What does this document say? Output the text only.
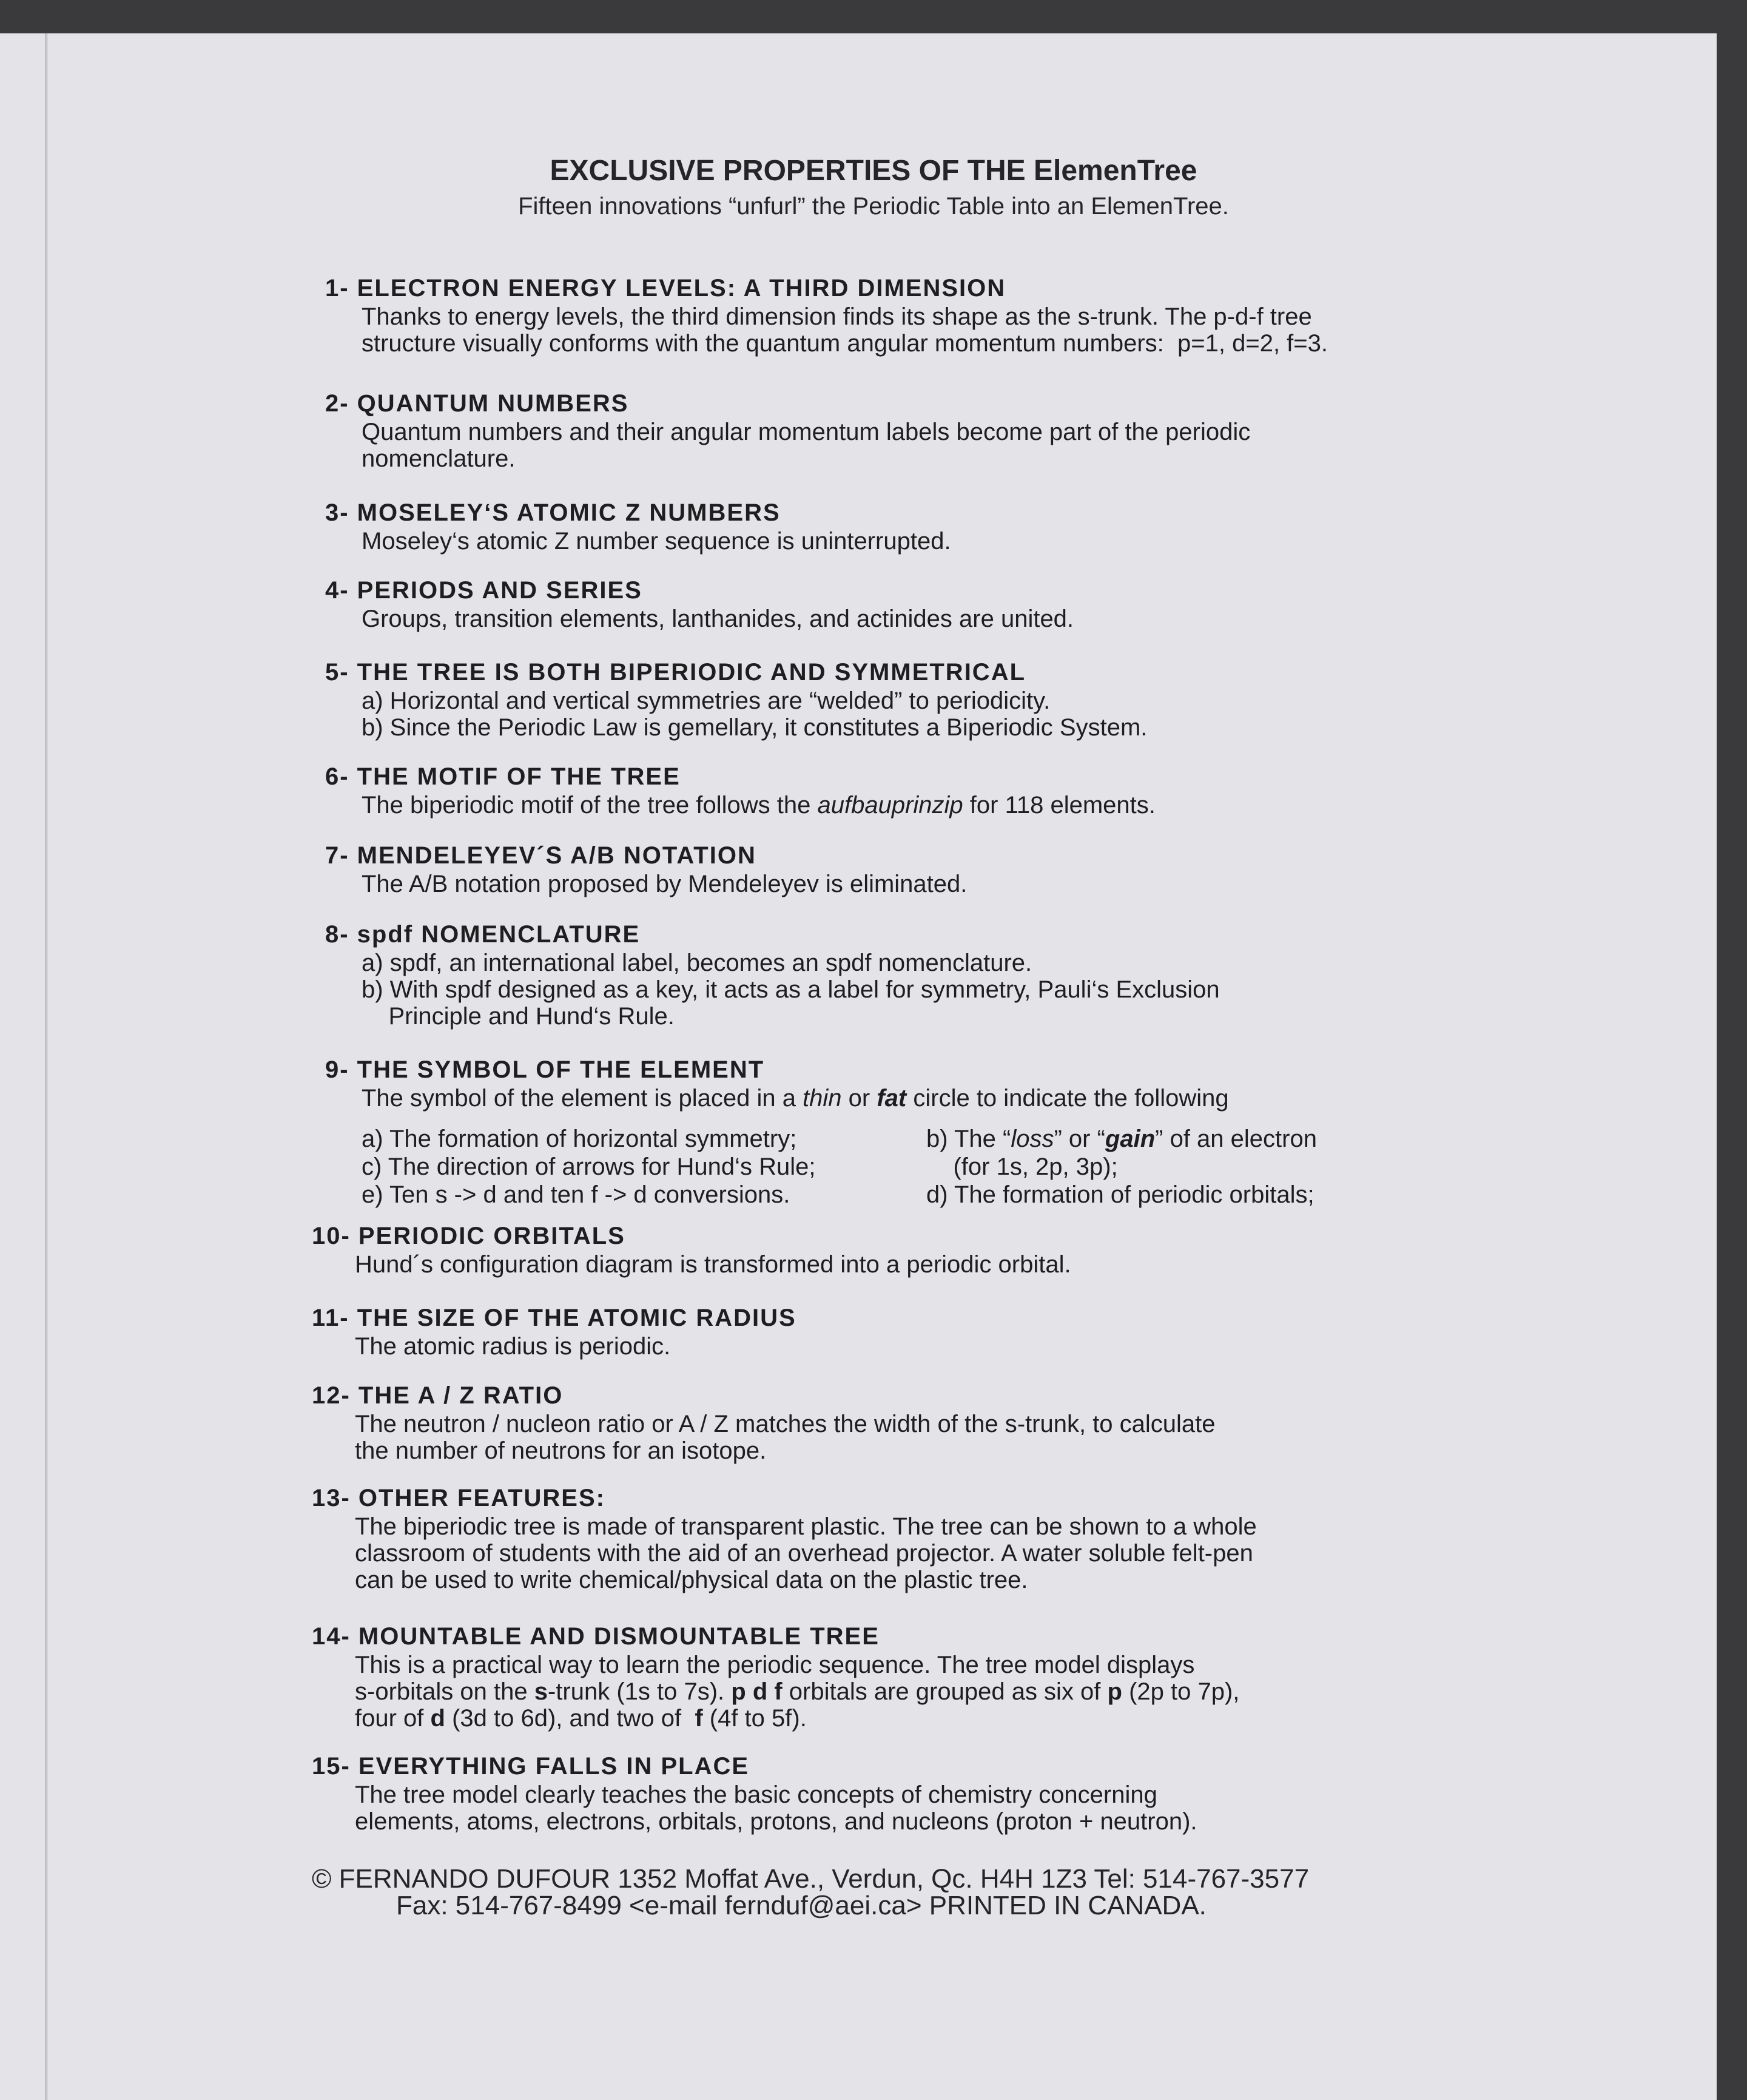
EXCLUSIVE PROPERTIES OF THE ElemenTree
Fifteen innovations “unfurl” the Periodic Table into an ElemenTree.
1- ELECTRON ENERGY LEVELS: A THIRD DIMENSION
Thanks to energy levels, the third dimension finds its shape as the s-trunk. The p-d-f tree
structure visually conforms with the quantum angular momentum numbers:  p=1, d=2, f=3.
2- QUANTUM NUMBERS
Quantum numbers and their angular momentum labels become part of the periodic
nomenclature.
3- MOSELEY‘S ATOMIC Z NUMBERS
Moseley‘s atomic Z number sequence is uninterrupted.
4- PERIODS AND SERIES
Groups, transition elements, lanthanides, and actinides are united.
5- THE TREE IS BOTH BIPERIODIC AND SYMMETRICAL
a) Horizontal and vertical symmetries are “welded” to periodicity.
b) Since the Periodic Law is gemellary, it constitutes a Biperiodic System.
6- THE MOTIF OF THE TREE
The biperiodic motif of the tree follows the aufbauprinzip for 118 elements.
7- MENDELEYEV´S A/B NOTATION
The A/B notation proposed by Mendeleyev is eliminated.
8- spdf NOMENCLATURE
a) spdf, an international label, becomes an spdf nomenclature.
b) With spdf designed as a key, it acts as a label for symmetry, Pauli‘s Exclusion
Principle and Hund‘s Rule.
9- THE SYMBOL OF THE ELEMENT
The symbol of the element is placed in a thin or fat circle to indicate the following
a) The formation of horizontal symmetry;
c) The direction of arrows for Hund‘s Rule;
e) Ten s -> d and ten f -> d conversions.
b) The “loss” or “gain” of an electron
(for 1s, 2p, 3p);
d) The formation of periodic orbitals;
10- PERIODIC ORBITALS
Hund´s configuration diagram is transformed into a periodic orbital.
11- THE SIZE OF THE ATOMIC RADIUS
The atomic radius is periodic.
12- THE A / Z RATIO
The neutron / nucleon ratio or A / Z matches the width of the s-trunk, to calculate
the number of neutrons for an isotope.
13- OTHER FEATURES:
The biperiodic tree is made of transparent plastic. The tree can be shown to a whole
classroom of students with the aid of an overhead projector. A water soluble felt-pen
can be used to write chemical/physical data on the plastic tree.
14- MOUNTABLE AND DISMOUNTABLE TREE
This is a practical way to learn the periodic sequence. The tree model displays
s-orbitals on the s-trunk (1s to 7s). p d f orbitals are grouped as six of p (2p to 7p),
four of d (3d to 6d), and two of  f (4f to 5f).
15- EVERYTHING FALLS IN PLACE
The tree model clearly teaches the basic concepts of chemistry concerning
elements, atoms, electrons, orbitals, protons, and nucleons (proton + neutron).
© FERNANDO DUFOUR 1352 Moffat Ave., Verdun, Qc. H4H 1Z3 Tel: 514-767-3577
Fax: 514-767-8499 <e-mail fernduf@aei.ca> PRINTED IN CANADA.
